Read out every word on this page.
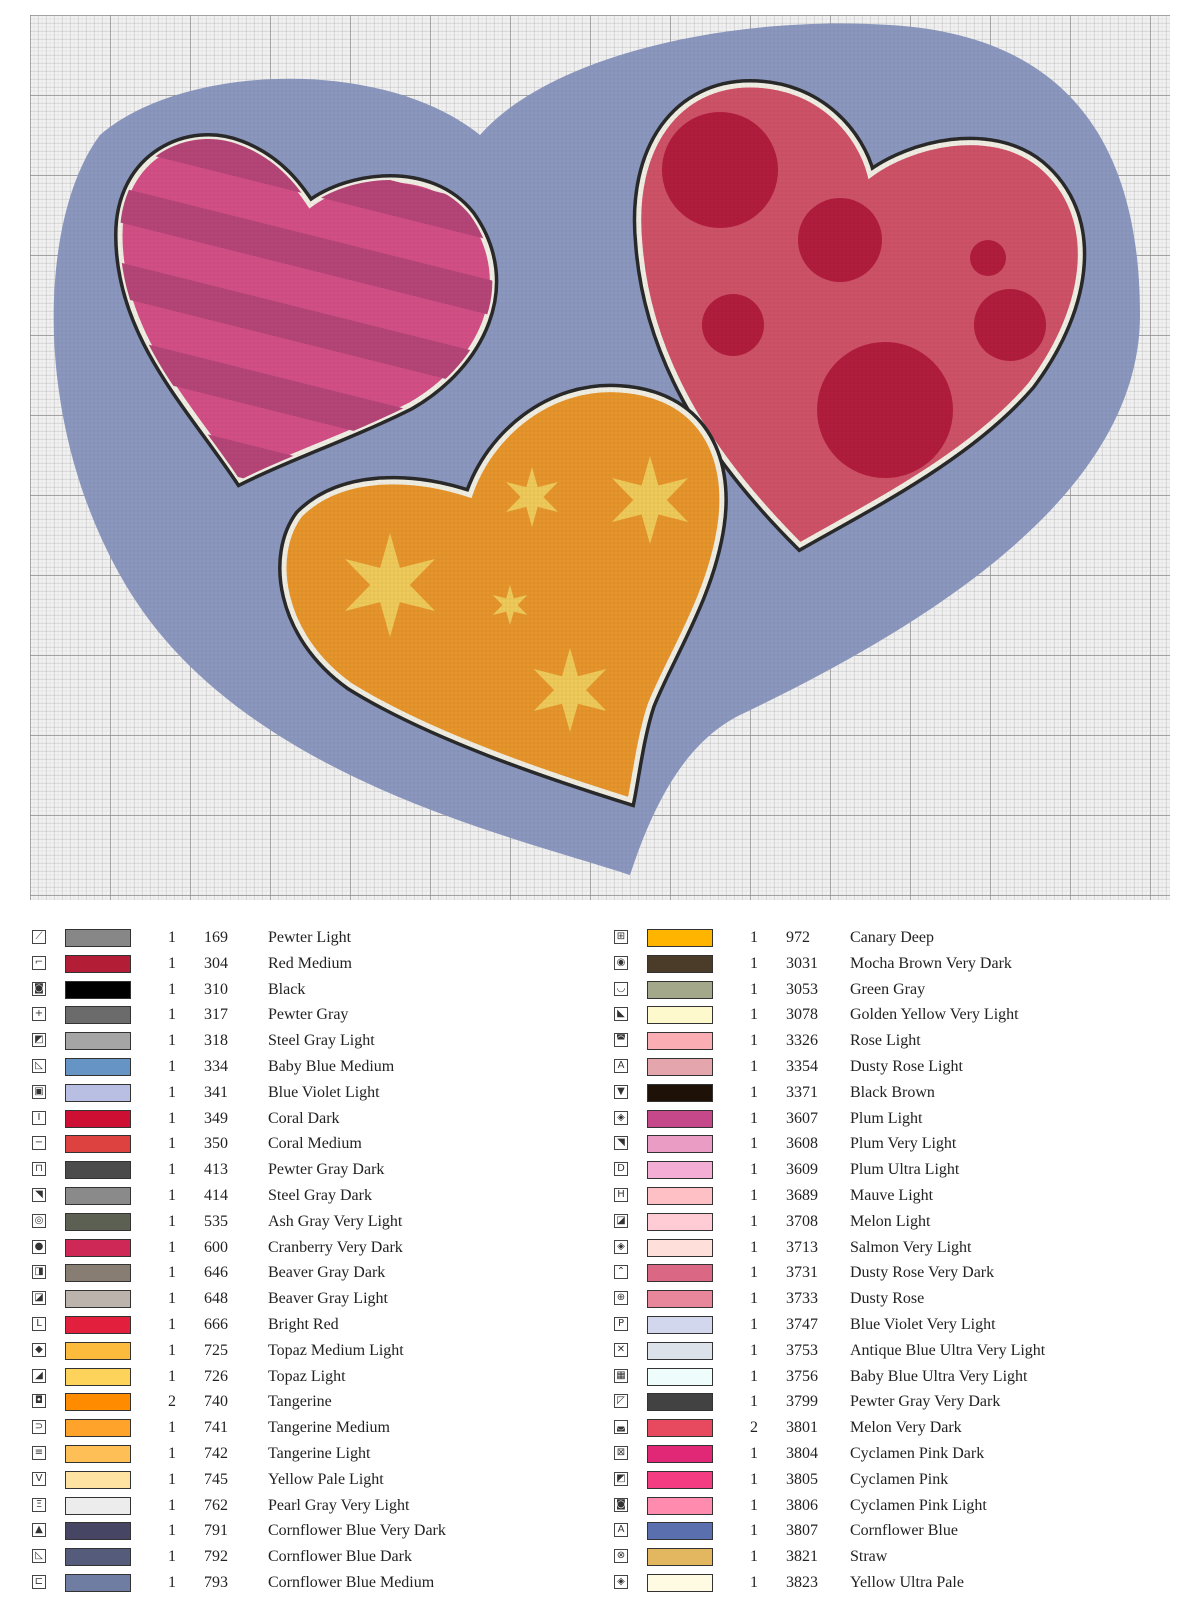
⟋	1	169	Pewter Light
⌐	1	304	Red Medium
◙	1	310	Black
+	1	317	Pewter Gray
◩	1	318	Steel Gray Light
◺	1	334	Baby Blue Medium
▣	1	341	Blue Violet Light
I	1	349	Coral Dark
−	1	350	Coral Medium
⊓	1	413	Pewter Gray Dark
◥	1	414	Steel Gray Dark
◎	1	535	Ash Gray Very Light
●	1	600	Cranberry Very Dark
◨	1	646	Beaver Gray Dark
◪	1	648	Beaver Gray Light
L	1	666	Bright Red
◆	1	725	Topaz Medium Light
◢	1	726	Topaz Light
◘	2	740	Tangerine
⊃	1	741	Tangerine Medium
≡	1	742	Tangerine Light
V	1	745	Yellow Pale Light
Ξ	1	762	Pearl Gray Very Light
▲	1	791	Cornflower Blue Very Dark
◺	1	792	Cornflower Blue Dark
⊏	1	793	Cornflower Blue Medium
⊞	1	972	Canary Deep
◉	1	3031	Mocha Brown Very Dark
◡	1	3053	Green Gray
◣	1	3078	Golden Yellow Very Light
◚	1	3326	Rose Light
A	1	3354	Dusty Rose Light
▼	1	3371	Black Brown
◈	1	3607	Plum Light
◥	1	3608	Plum Very Light
D	1	3609	Plum Ultra Light
H	1	3689	Mauve Light
◪	1	3708	Melon Light
◈	1	3713	Salmon Very Light
⌃	1	3731	Dusty Rose Very Dark
⊕	1	3733	Dusty Rose
P	1	3747	Blue Violet Very Light
✕	1	3753	Antique Blue Ultra Very Light
▦	1	3756	Baby Blue Ultra Very Light
◸	1	3799	Pewter Gray Very Dark
◛	2	3801	Melon Very Dark
⊠	1	3804	Cyclamen Pink Dark
◩	1	3805	Cyclamen Pink
◙	1	3806	Cyclamen Pink Light
A	1	3807	Cornflower Blue
⊗	1	3821	Straw
◈	1	3823	Yellow Ultra Pale
